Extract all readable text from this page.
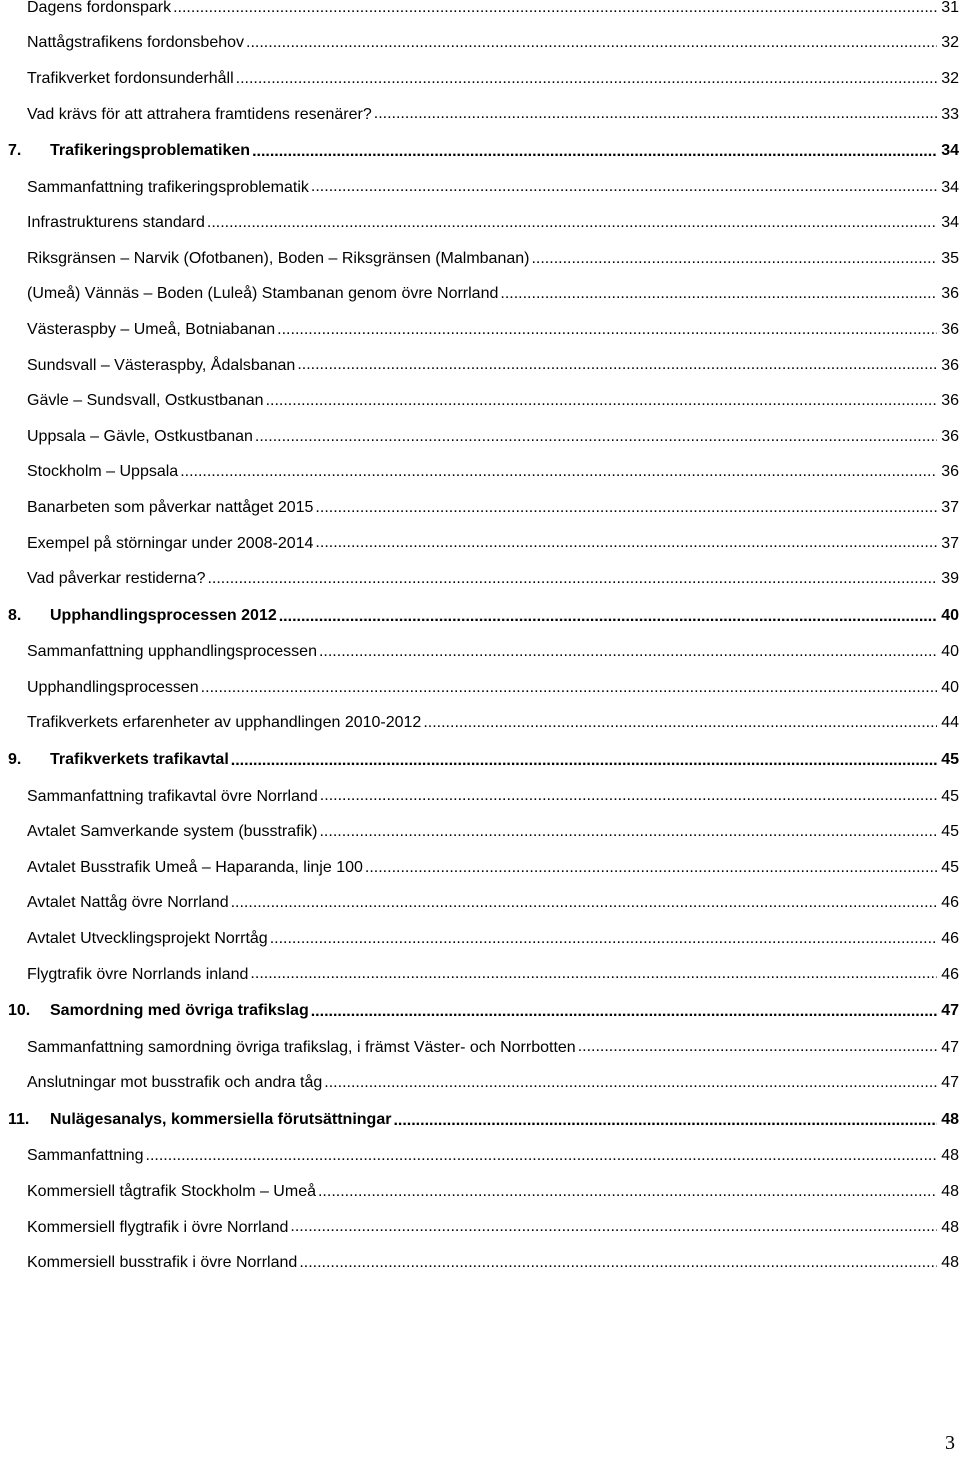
Dagens fordonspark .....	31
Nattågstrafikens fordonsbehov .....	32
Trafikverket fordonsunderhåll .....	32
Vad krävs för att attrahera framtidens resenärer? .....	33
7.	Trafikeringsproblematiken .....	34
Sammanfattning trafikeringsproblematik .....	34
Infrastrukturens standard .....	34
Riksgränsen – Narvik (Ofotbanen), Boden – Riksgränsen (Malmbanan) .....	35
(Umeå) Vännäs – Boden (Luleå) Stambanan genom övre Norrland .....	36
Västeraspby – Umeå, Botniabanan .....	36
Sundsvall – Västeraspby, Ådalsbanan .....	36
Gävle – Sundsvall, Ostkustbanan .....	36
Uppsala – Gävle, Ostkustbanan .....	36
Stockholm – Uppsala .....	36
Banarbeten som påverkar nattåget 2015 .....	37
Exempel på störningar under 2008-2014 .....	37
Vad påverkar restiderna? .....	39
8.	Upphandlingsprocessen 2012 .....	40
Sammanfattning upphandlingsprocessen .....	40
Upphandlingsprocessen .....	40
Trafikverkets erfarenheter av upphandlingen 2010-2012 .....	44
9.	Trafikverkets trafikavtal .....	45
Sammanfattning trafikavtal övre Norrland .....	45
Avtalet Samverkande system (busstrafik) .....	45
Avtalet Busstrafik Umeå – Haparanda, linje 100 .....	45
Avtalet Nattåg övre Norrland .....	46
Avtalet Utvecklingsprojekt Norrtåg .....	46
Flygtrafik övre Norrlands inland .....	46
10.	Samordning med övriga trafikslag .....	47
Sammanfattning samordning övriga trafikslag, i främst Väster- och Norrbotten .....	47
Anslutningar mot busstrafik och andra tåg .....	47
11.	Nulägesanalys, kommersiella förutsättningar .....	48
Sammanfattning .....	48
Kommersiell tågtrafik Stockholm – Umeå .....	48
Kommersiell flygtrafik i övre Norrland .....	48
Kommersiell busstrafik i övre Norrland .....	48
3
